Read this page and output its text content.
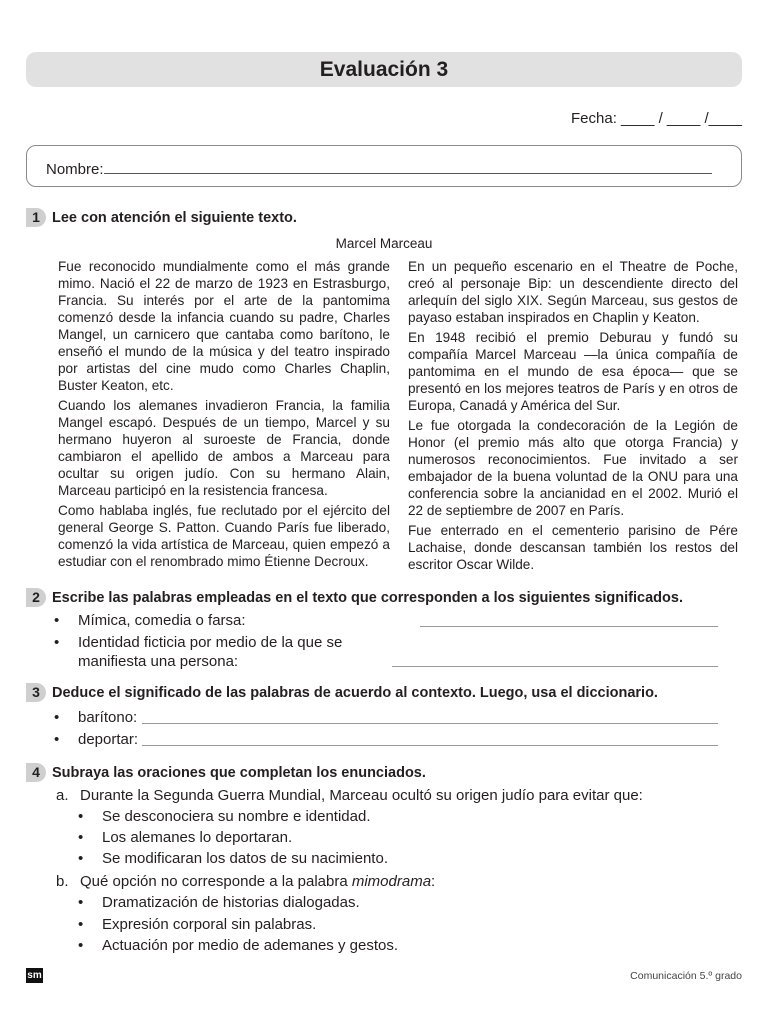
Evaluación 3
Fecha: ____ / ____ /____
Nombre:
1 Lee con atención el siguiente texto.
Marcel Marceau

Fue reconocido mundialmente como el más grande mimo. Nació el 22 de marzo de 1923 en Estrasburgo, Francia. Su interés por el arte de la pantomima comenzó desde la infancia cuando su padre, Charles Mangel, un carnicero que cantaba como barítono, le enseñó el mundo de la música y del teatro inspirado por artistas del cine mudo como Charles Chaplin, Buster Keaton, etc.

Cuando los alemanes invadieron Francia, la familia Mangel escapó. Después de un tiempo, Marcel y su hermano huyeron al suroeste de Francia, donde cambiaron el apellido de ambos a Marceau para ocultar su origen judío. Con su hermano Alain, Marceau participó en la resistencia francesa.

Como hablaba inglés, fue reclutado por el ejército del general George S. Patton. Cuando París fue liberado, comenzó la vida artística de Marceau, quien empezó a estudiar con el renombrado mimo Étienne Decroux.

En un pequeño escenario en el Theatre de Poche, creó al personaje Bip: un descendiente directo del arlequín del siglo XIX. Según Marceau, sus gestos de payaso estaban inspirados en Chaplin y Keaton.

En 1948 recibió el premio Deburau y fundó su compañía Marcel Marceau —la única compañía de pantomima en el mundo de esa época— que se presentó en los mejores teatros de París y en otros de Europa, Canadá y América del Sur.

Le fue otorgada la condecoración de la Legión de Honor (el premio más alto que otorga Francia) y numerosos reconocimientos. Fue invitado a ser embajador de la buena voluntad de la ONU para una conferencia sobre la ancianidad en el 2002. Murió el 22 de septiembre de 2007 en París.

Fue enterrado en el cementerio parisino de Pére Lachaise, donde descansan también los restos del escritor Oscar Wilde.

2 Escribe las palabras empleadas en el texto que corresponden a los siguientes significados.
•	Mímica, comedia o farsa:
•	Identidad ficticia por medio de la que se
manifiesta una persona:
3 Deduce el significado de las palabras de acuerdo al contexto. Luego, usa el diccionario.
•	barítono:
•	deportar:
4 Subraya las oraciones que completan los enunciados.
a. Durante la Segunda Guerra Mundial, Marceau ocultó su origen judío para evitar que:
•	Se desconociera su nombre e identidad.
•	Los alemanes lo deportaran.
•	Se modificaran los datos de su nacimiento.
b. Qué opción no corresponde a la palabra mimodrama:
•	Dramatización de historias dialogadas.
•	Expresión corporal sin palabras.
•	Actuación por medio de ademanes y gestos.
sm	Comunicación 5.º grado
